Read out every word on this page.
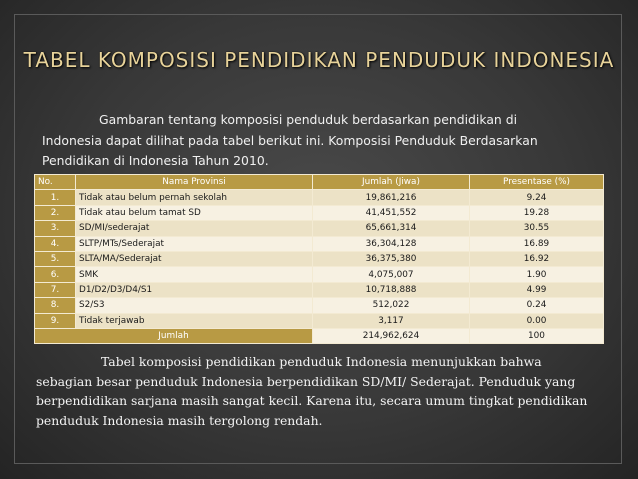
TABEL KOMPOSISI PENDIDIKAN PENDUDUK INDONESIA
Gambaran tentang komposisi penduduk berdasarkan pendidikan di
Indonesia dapat dilihat pada tabel berikut ini. Komposisi Penduduk Berdasarkan
Pendidikan di Indonesia Tahun 2010.
No.	Nama Provinsi	Jumlah (Jiwa)	Presentase (%)
1.	Tidak atau belum pernah sekolah	19,861,216	9.24
2.	Tidak atau belum tamat SD	41,451,552	19.28
3.	SD/MI/sederajat	65,661,314	30.55
4.	SLTP/MTs/Sederajat	36,304,128	16.89
5.	SLTA/MA/Sederajat	36,375,380	16.92
6.	SMK	4,075,007	1.90
7.	D1/D2/D3/D4/S1	10,718,888	4.99
8.	S2/S3	512,022	0.24
9.	Tidak terjawab	3,117	0.00
Jumlah		214,962,624	100
Tabel komposisi pendidikan penduduk Indonesia menunjukkan bahwa
sebagian besar penduduk Indonesia berpendidikan SD/MI/ Sederajat. Penduduk yang
berpendidikan sarjana masih sangat kecil. Karena itu, secara umum tingkat pendidikan
penduduk Indonesia masih tergolong rendah.
